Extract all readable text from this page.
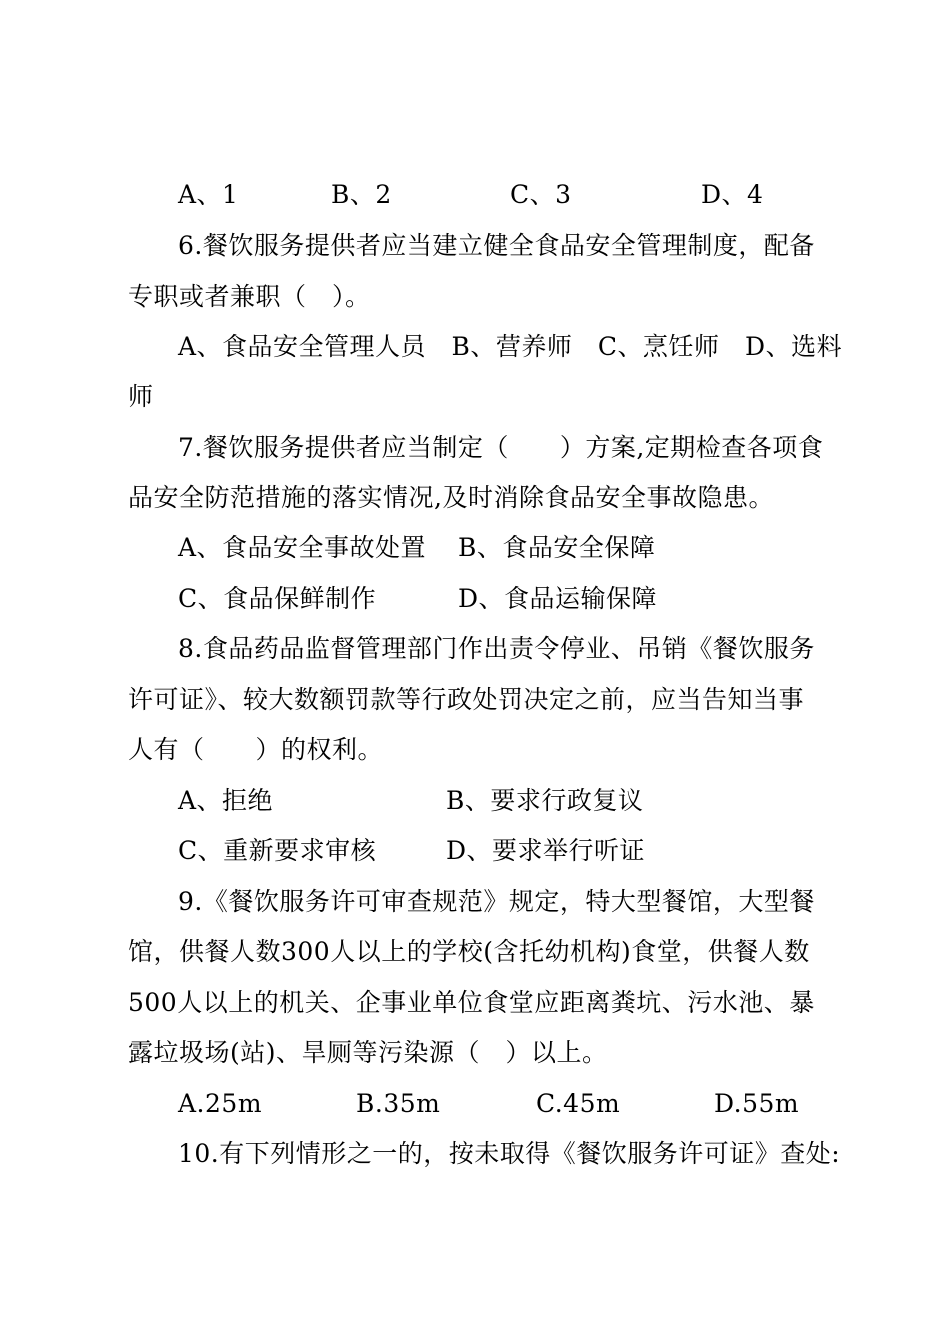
A、1	B、2	C、3	D、4
6.餐饮服务提供者应当建立健全食品安全管理制度，配备
专职或者兼职（　）。
A、食品安全管理人员　B、营养师　C、烹饪师　D、选料
师
7.餐饮服务提供者应当制定（　　）方案,定期检查各项食
品安全防范措施的落实情况,及时消除食品安全事故隐患。
A、食品安全事故处置 B、食品安全保障
C、食品保鲜制作	D、食品运输保障
8.食品药品监督管理部门作出责令停业、吊销《餐饮服务
许可证》、较大数额罚款等行政处罚决定之前，应当告知当事
人有（　　）的权利。
A、拒绝	B、要求行政复议
C、重新要求审核	D、要求举行听证
9.《餐饮服务许可审查规范》规定，特大型餐馆，大型餐
馆，供餐人数300人以上的学校(含托幼机构)食堂，供餐人数
500人以上的机关、企事业单位食堂应距离粪坑、污水池、暴
露垃圾场(站)、旱厕等污染源（　）以上。
A.25m	B.35m	C.45m	D.55m
10.有下列情形之一的，按未取得《餐饮服务许可证》查处:
